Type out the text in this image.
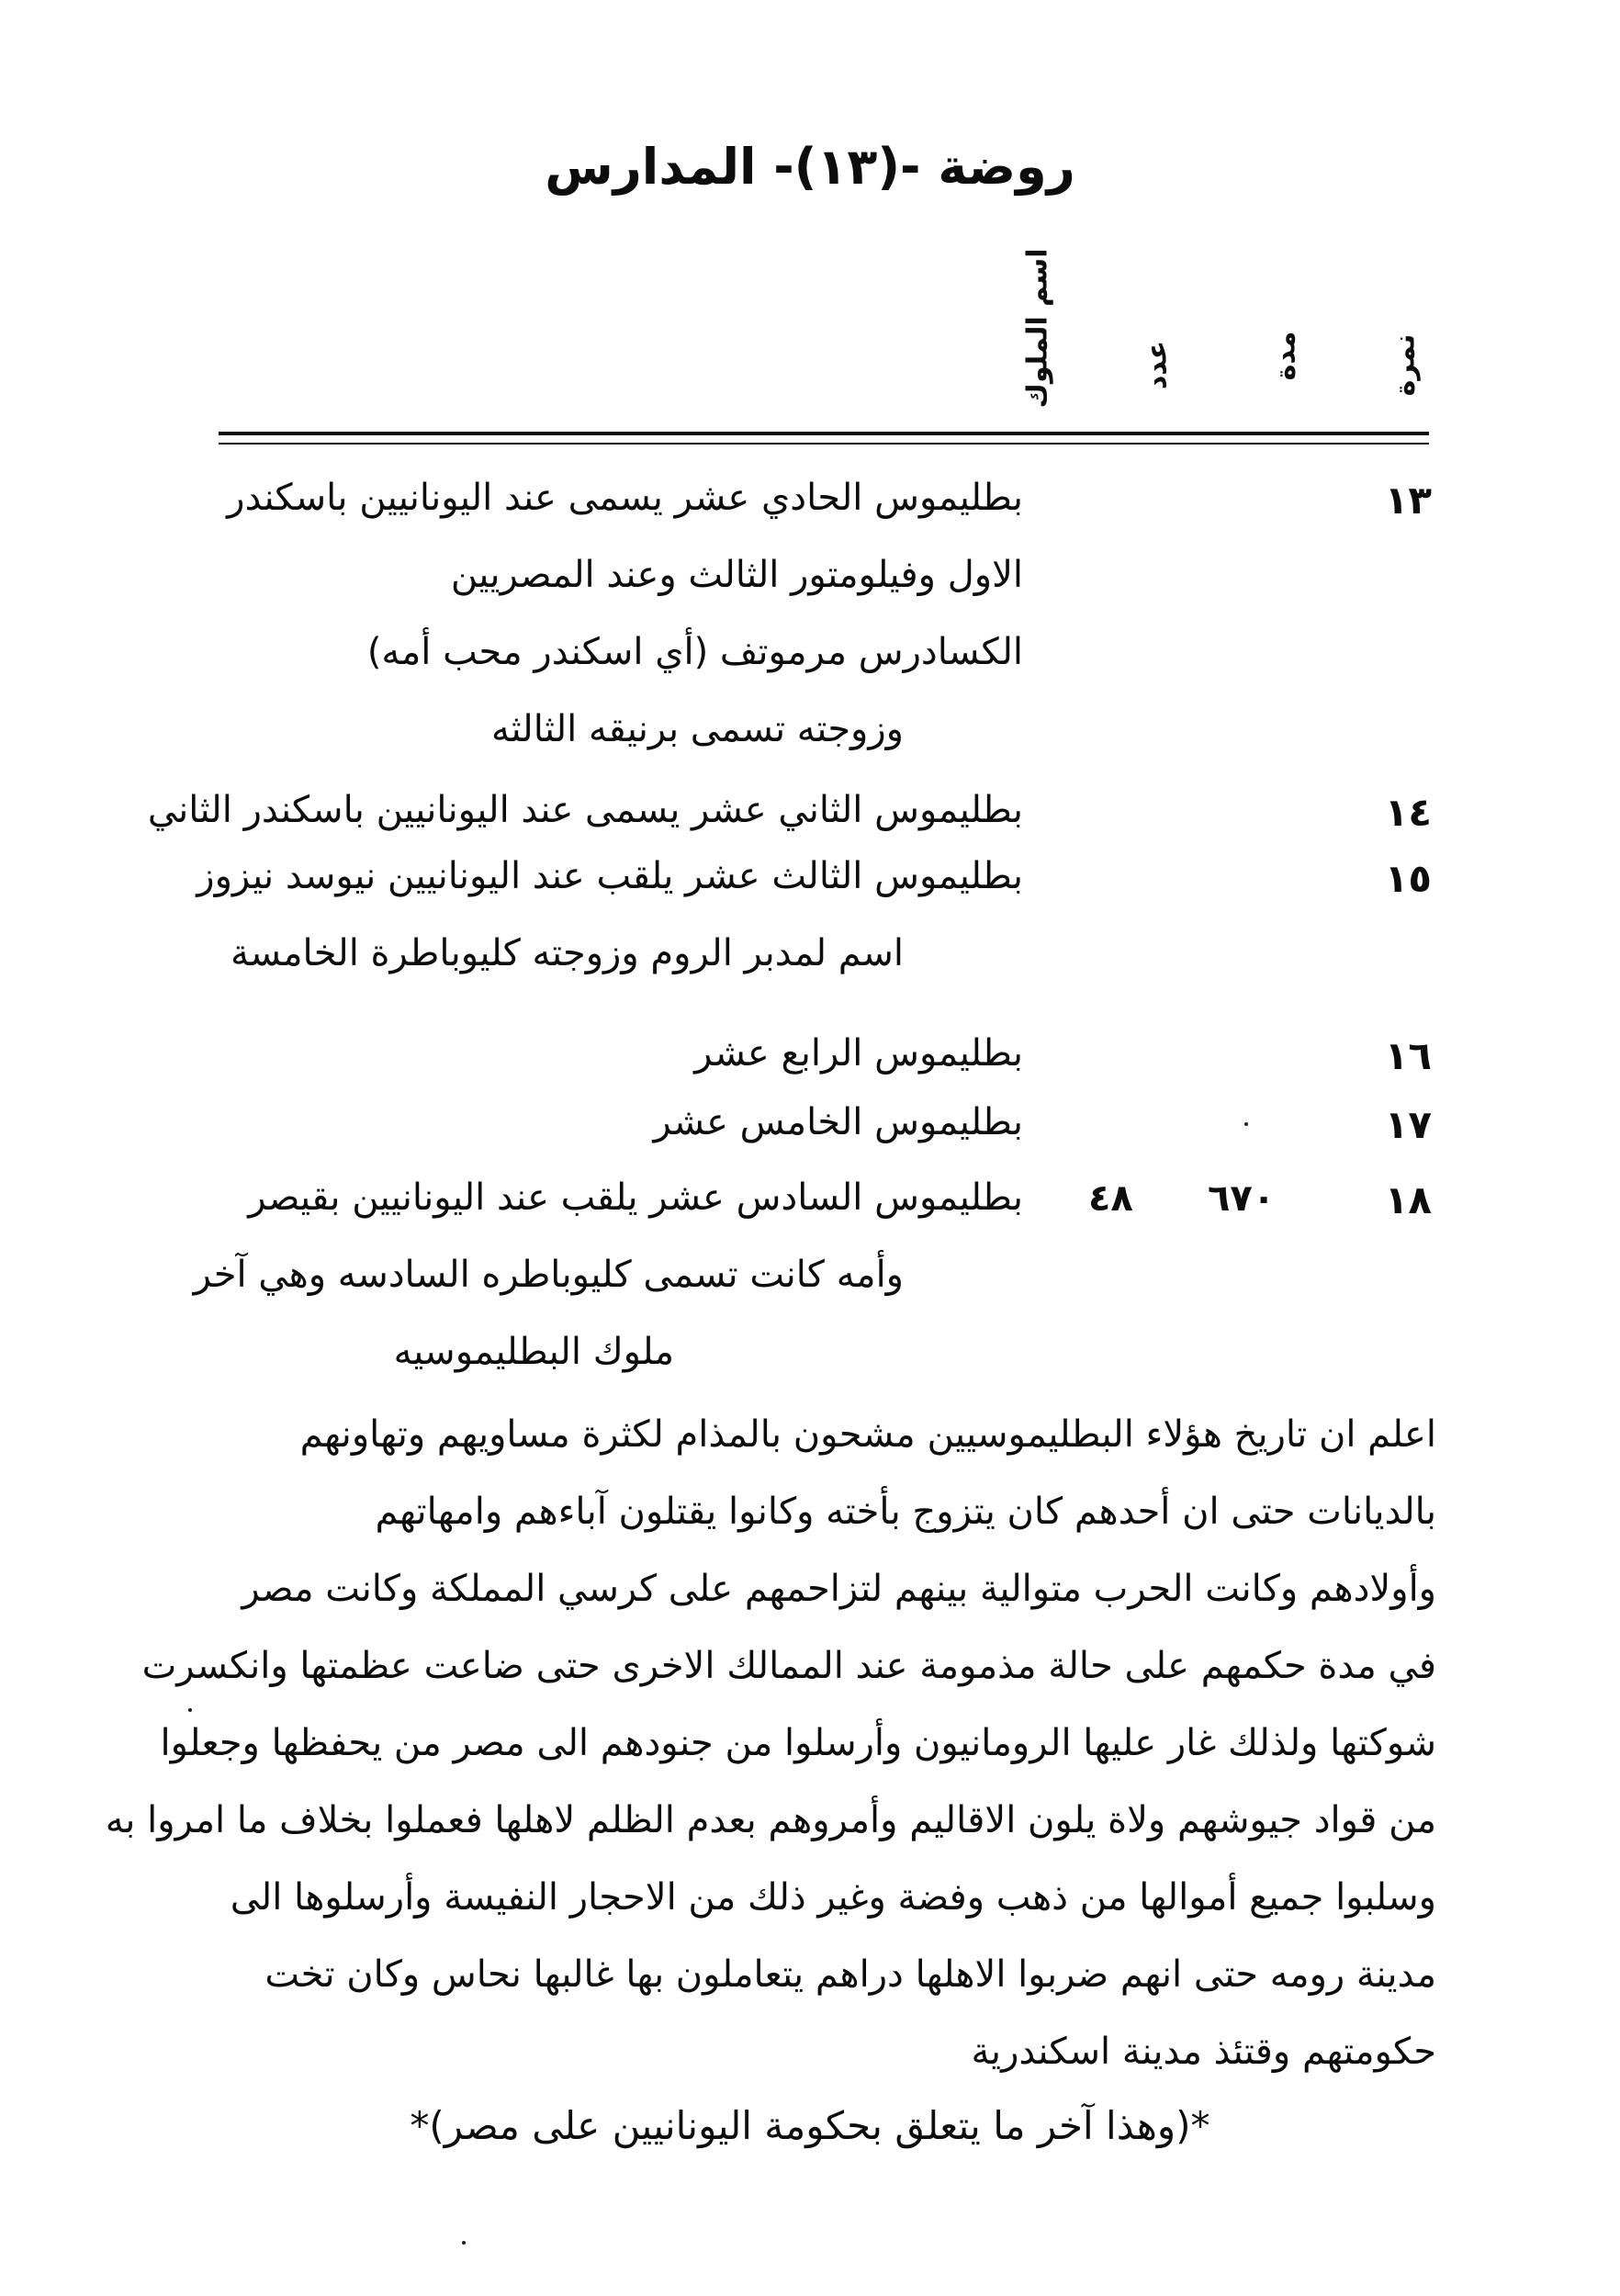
روضة -(١٣)- المدارس
نمرة
مدة
عدد
اسم الملوك
١٣
بطليموس الحادي عشر يسمى عند اليونانيين باسكندر
الاول وفيلومتور الثالث وعند المصريين
الكسادرس مرموتف (أي اسكندر محب أمه)
وزوجته تسمى برنيقه الثالثه
١٤
بطليموس الثاني عشر يسمى عند اليونانيين باسكندر الثاني
١٥
بطليموس الثالث عشر يلقب عند اليونانيين نيوسد نيزوز
اسم لمدبر الروم وزوجته كليوباطرة الخامسة
١٦
بطليموس الرابع عشر
١٧
بطليموس الخامس عشر
١٨
٦٧٠
٤٨
بطليموس السادس عشر يلقب عند اليونانيين بقيصر
وأمه كانت تسمى كليوباطره السادسه وهي آخر
ملوك البطليموسيه
اعلم ان تاريخ هؤلاء البطليموسيين مشحون بالمذام لكثرة مساويهم وتهاونهم
بالديانات حتى ان أحدهم كان يتزوج بأخته وكانوا يقتلون آباءهم وامهاتهم
وأولادهم وكانت الحرب متوالية بينهم لتزاحمهم على كرسي المملكة وكانت مصر
في مدة حكمهم على حالة مذمومة عند الممالك الاخرى حتى ضاعت عظمتها وانكسرت
شوكتها ولذلك غار عليها الرومانيون وأرسلوا من جنودهم الى مصر من يحفظها وجعلوا
من قواد جيوشهم ولاة يلون الاقاليم وأمروهم بعدم الظلم لاهلها فعملوا بخلاف ما امروا به
وسلبوا جميع أموالها من ذهب وفضة وغير ذلك من الاحجار النفيسة وأرسلوها الى
مدينة رومه حتى انهم ضربوا الاهلها دراهم يتعاملون بها غالبها نحاس وكان تخت
حكومتهم وقتئذ مدينة اسكندرية
*(وهذا آخر ما يتعلق بحكومة اليونانيين على مصر)*
